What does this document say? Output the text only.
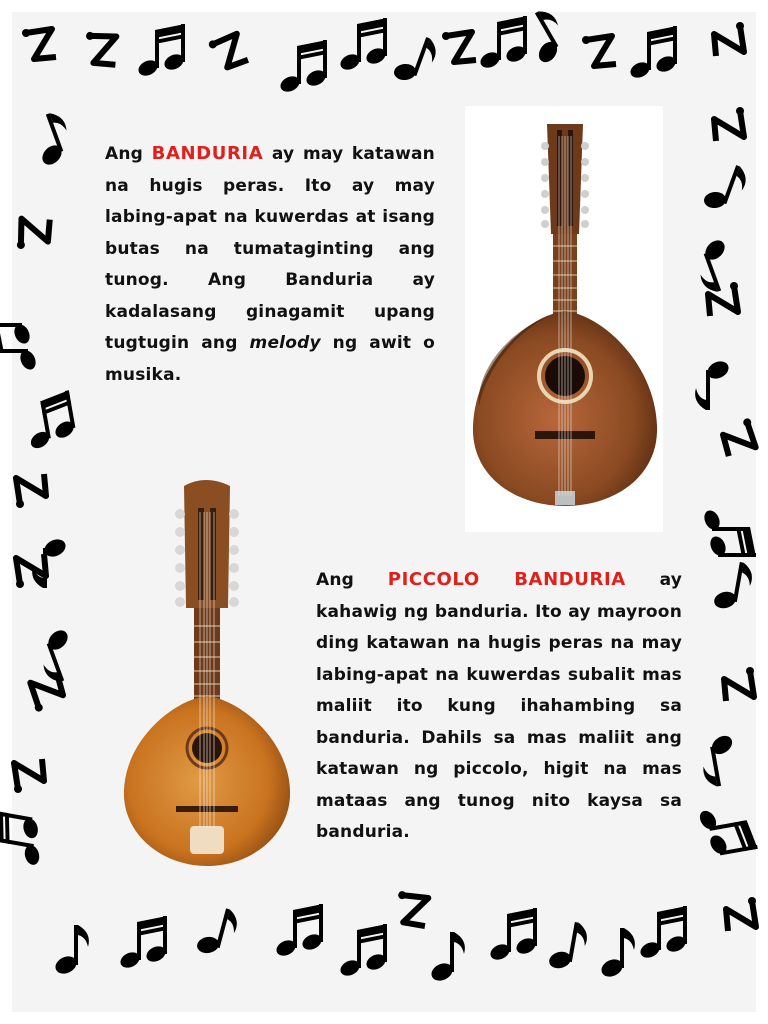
Ang BANDURIA ay may katawan na hugis peras. Ito ay may labing-apat na kuwerdas at isang butas na tumataginting ang tunog. Ang Banduria ay kadalasang ginagamit upang tugtugin ang melody ng awit o musika.
Ang PICCOLO BANDURIA ay kahawig ng banduria. Ito ay mayroon ding katawan na hugis peras na may labing-apat na kuwerdas subalit mas maliit ito kung ihahambing sa banduria. Dahils sa mas maliit ang katawan ng piccolo, higit na mas mataas ang tunog nito kaysa sa banduria.
